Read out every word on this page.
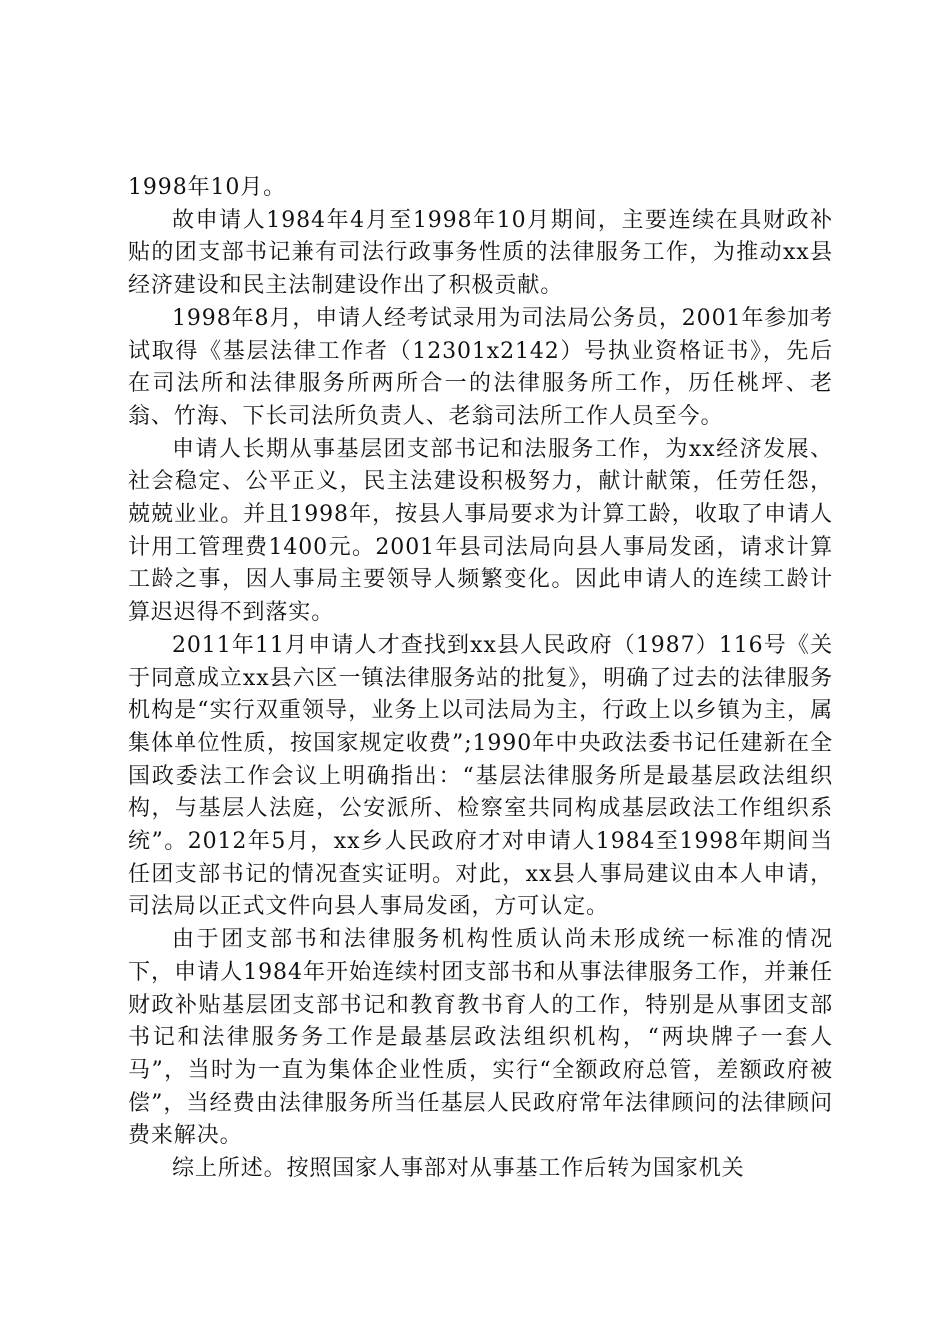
1998年10月。

故申请人1984年4月至1998年10月期间，主要连续在具财政补贴的团支部书记兼有司法行政事务性质的法律服务工作，为推动xx县经济建设和民主法制建设作出了积极贡献。

1998年8月，申请人经考试录用为司法局公务员，2001年参加考试取得《基层法律工作者（12301x2142）号执业资格证书》，先后在司法所和法律服务所两所合一的法律服务所工作，历任桃坪、老翁、竹海、下长司法所负责人、老翁司法所工作人员至今。

申请人长期从事基层团支部书记和法服务工作，为xx经济发展、社会稳定、公平正义，民主法建设积极努力，献计献策，任劳任怨，兢兢业业。并且1998年，按县人事局要求为计算工龄，收取了申请人计用工管理费1400元。2001年县司法局向县人事局发函，请求计算工龄之事，因人事局主要领导人频繁变化。因此申请人的连续工龄计算迟迟得不到落实。

2011年11月申请人才查找到xx县人民政府（1987）116号《关于同意成立xx县六区一镇法律服务站的批复》，明确了过去的法律服务机构是“实行双重领导，业务上以司法局为主，行政上以乡镇为主，属集体单位性质，按国家规定收费”;1990年中央政法委书记任建新在全国政委法工作会议上明确指出：“基层法律服务所是最基层政法组织构，与基层人法庭，公安派所、检察室共同构成基层政法工作组织系统”。2012年5月，xx乡人民政府才对申请人1984至1998年期间当任团支部书记的情况查实证明。对此，xx县人事局建议由本人申请，司法局以正式文件向县人事局发函，方可认定。

由于团支部书和法律服务机构性质认尚未形成统一标准的情况下，申请人1984年开始连续村团支部书和从事法律服务工作，并兼任财政补贴基层团支部书记和教育教书育人的工作，特别是从事团支部书记和法律服务务工作是最基层政法组织机构，“两块牌子一套人马”，当时为一直为集体企业性质，实行“全额政府总管，差额政府被偿”，当经费由法律服务所当任基层人民政府常年法律顾问的法律顾问费来解决。

综上所述。按照国家人事部对从事基工作后转为国家机关
